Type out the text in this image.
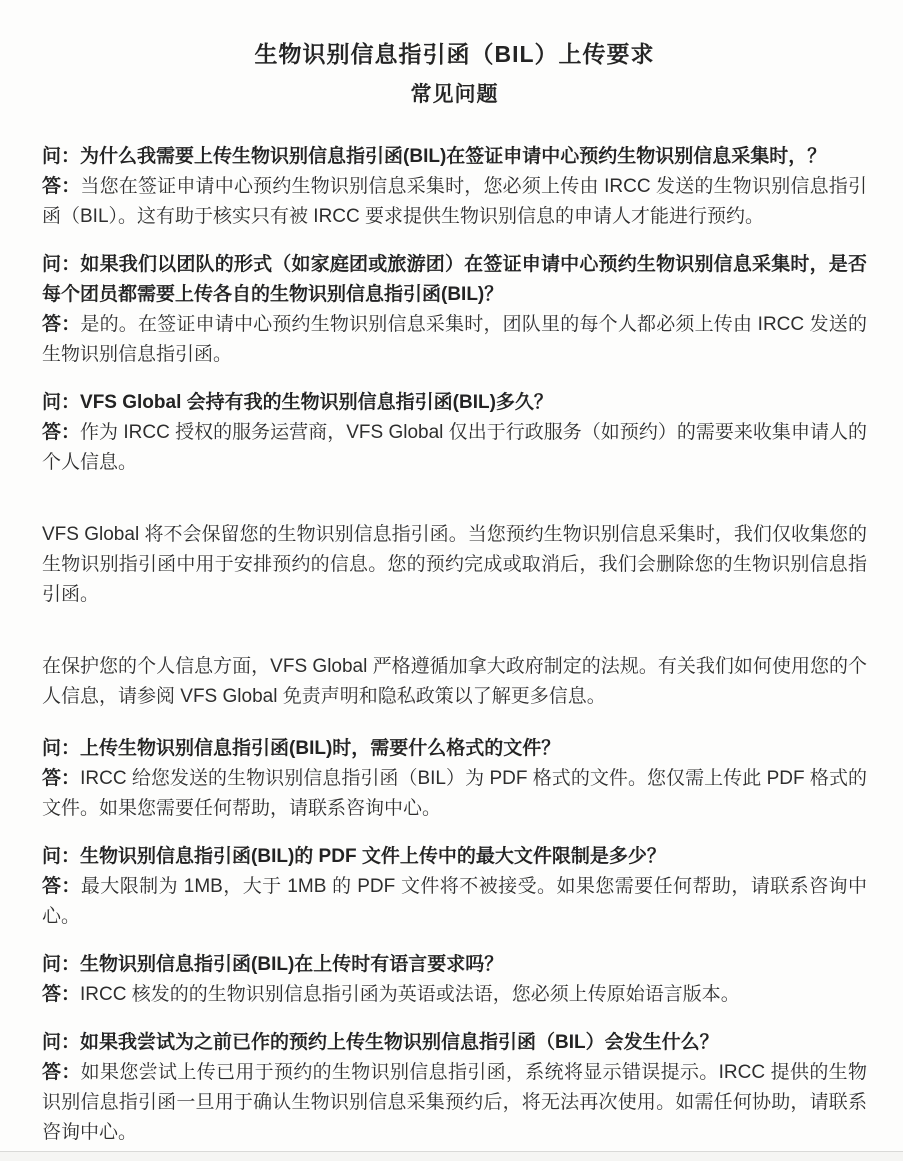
生物识别信息指引函（BIL）上传要求
常见问题

问：为什么我需要上传生物识别信息指引函(BIL)在签证申请中心预约生物识别信息采集时，？

答：当您在签证申请中心预约生物识别信息采集时，您必须上传由 IRCC 发送的生物识别信息指引函（BIL）。这有助于核实只有被 IRCC 要求提供生物识别信息的申请人才能进行预约。

问：如果我们以团队的形式（如家庭团或旅游团）在签证申请中心预约生物识别信息采集时，是否每个团员都需要上传各自的生物识别信息指引函(BIL)？

答：是的。在签证申请中心预约生物识别信息采集时，团队里的每个人都必须上传由 IRCC 发送的生物识别信息指引函。

问：VFS Global 会持有我的生物识别信息指引函(BIL)多久？

答：作为 IRCC 授权的服务运营商，VFS Global 仅出于行政服务（如预约）的需要来收集申请人的个人信息。

VFS Global 将不会保留您的生物识别信息指引函。当您预约生物识别信息采集时，我们仅收集您的生物识别指引函中用于安排预约的信息。您的预约完成或取消后，我们会删除您的生物识别信息指引函。

在保护您的个人信息方面，VFS Global 严格遵循加拿大政府制定的法规。有关我们如何使用您的个人信息，请参阅 VFS Global 免责声明和隐私政策以了解更多信息。

问：上传生物识别信息指引函(BIL)时，需要什么格式的文件？

答：IRCC 给您发送的生物识别信息指引函（BIL）为 PDF 格式的文件。您仅需上传此 PDF 格式的文件。如果您需要任何帮助，请联系咨询中心。

问：生物识别信息指引函(BIL)的 PDF 文件上传中的最大文件限制是多少？

答：最大限制为 1MB，大于 1MB 的 PDF 文件将不被接受。如果您需要任何帮助，请联系咨询中心。

问：生物识别信息指引函(BIL)在上传时有语言要求吗？

答：IRCC 核发的的生物识别信息指引函为英语或法语，您必须上传原始语言版本。

问：如果我尝试为之前已作的预约上传生物识别信息指引函（BIL）会发生什么？

答：如果您尝试上传已用于预约的生物识别信息指引函，系统将显示错误提示。IRCC 提供的生物识别信息指引函一旦用于确认生物识别信息采集预约后，将无法再次使用。如需任何协助，请联系咨询中心。
